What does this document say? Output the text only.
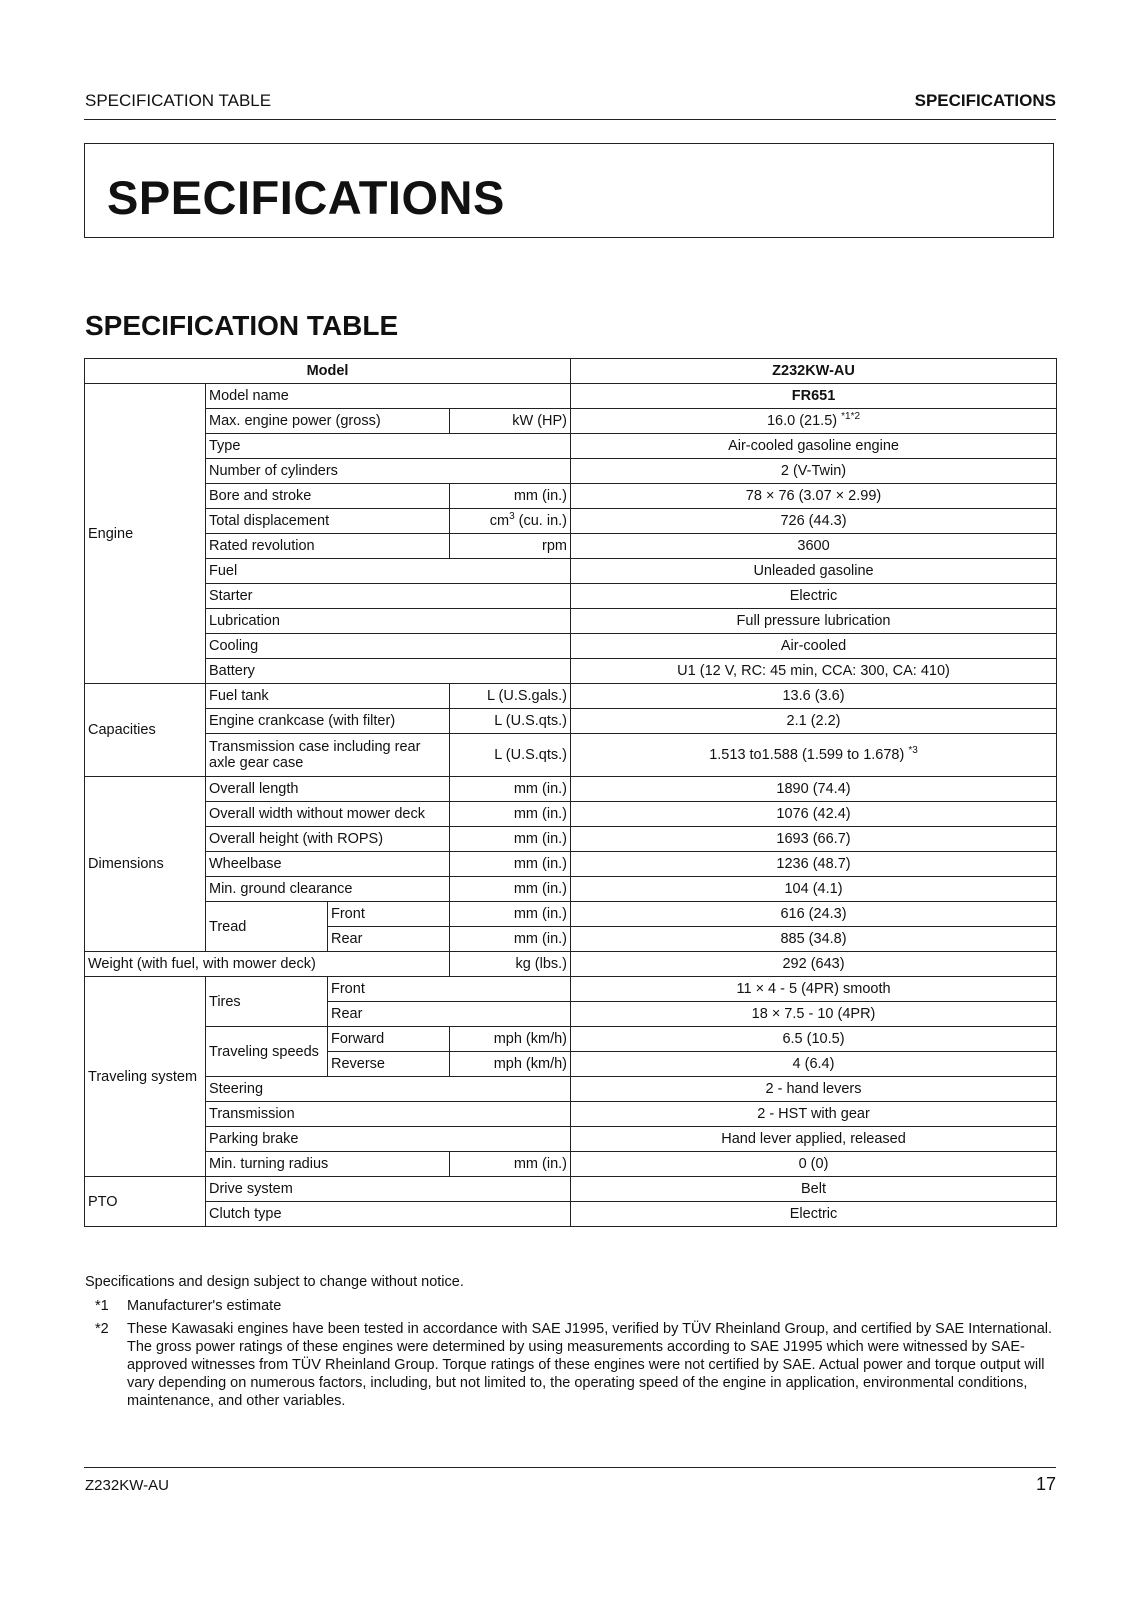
SPECIFICATION TABLE	SPECIFICATIONS
SPECIFICATIONS
SPECIFICATION TABLE
Model				Z232KW-AU
Engine	Model name			FR651
	Max. engine power (gross)		kW (HP)	16.0 (21.5) $^{*1*2}$
	Type			Air-cooled gasoline engine
	Number of cylinders			2 (V-Twin)
	Bore and stroke		mm (in.)	78 × 76 (3.07 × 2.99)
	Total displacement		$cm^3$ (cu. in.)	726 (44.3)
	Rated revolution		rpm	3600
	Fuel			Unleaded gasoline
	Starter			Electric
	Lubrication			Full pressure lubrication
	Cooling			Air-cooled
	Battery			U1 (12 V, RC: 45 min, CCA: 300, CA: 410)
Capacities	Fuel tank		L (U.S.gals.)	13.6 (3.6)
	Engine crankcase (with filter)		L (U.S.qts.)	2.1 (2.2)
	Transmission case including rear axle gear case		L (U.S.qts.)	1.513 to1.588 (1.599 to 1.678) $^{*3}$
Dimensions	Overall length		mm (in.)	1890 (74.4)
	Overall width without mower deck		mm (in.)	1076 (42.4)
	Overall height (with ROPS)		mm (in.)	1693 (66.7)
	Wheelbase		mm (in.)	1236 (48.7)
	Min. ground clearance		mm (in.)	104 (4.1)
	Tread	Front	mm (in.)	616 (24.3)
		Rear	mm (in.)	885 (34.8)
Weight (with fuel, with mower deck)			kg (lbs.)	292 (643)
Traveling system	Tires	Front		11 × 4 - 5 (4PR) smooth
		Rear		18 × 7.5 - 10 (4PR)
	Traveling speeds	Forward	mph (km/h)	6.5 (10.5)
		Reverse	mph (km/h)	4 (6.4)
	Steering			2 - hand levers
	Transmission			2 - HST with gear
	Parking brake			Hand lever applied, released
	Min. turning radius		mm (in.)	0 (0)
PTO	Drive system			Belt
	Clutch type			Electric
Specifications and design subject to change without notice.
*1	Manufacturer's estimate
*2	These Kawasaki engines have been tested in accordance with SAE J1995, verified by TÜV Rheinland Group, and certified by SAE International. The gross power ratings of these engines were determined by using measurements according to SAE J1995 which were witnessed by SAE-approved witnesses from TÜV Rheinland Group. Torque ratings of these engines were not certified by SAE. Actual power and torque output will vary depending on numerous factors, including, but not limited to, the operating speed of the engine in application, environmental conditions, maintenance, and other variables.
Z232KW-AU	17
